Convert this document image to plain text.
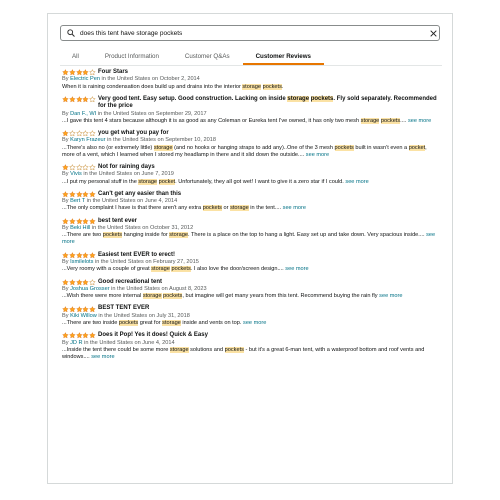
does this tent have storage pockets
All	Product Information	Customer Q&As	Customer Reviews
Four Stars
By Electric Pen in the United States on October 2, 2014
When it is raining condensation does build up and drains into the interior storage pockets.
Very good tent. Easy setup. Good construction. Lacking on inside storage pockets. Fly sold separately. Recommended for the price
By Dan F., WI in the United States on September 29, 2017
...I gave this tent 4 stars because although it is as good as any Coleman or Eureka tent I've owned, it has only two mesh storage pockets.... see more
you get what you pay for
By Karyn Frazeur in the United States on September 10, 2018
...There's also no (or extremely little) storage (and no hooks or hanging straps to add any)..One of the 3 mesh pockets built in wasn't even a pocket, more of a vent, which I learned when I stored my headlamp in there and it slid down the outside.... see more
Not for raining days
By Vivis in the United States on June 7, 2019
...I put my personal stuff in the storage pocket. Unfortunately, they all got wet! I want to give it a zero star if I could. see more
Can't get any easier than this
By Bert T in the United States on June 4, 2014
...The only complaint I have is that there aren't any extra pockets or storage in the tent.... see more
best tent ever
By Beki Hill in the United States on October 31, 2012
...There are two pockets hanging inside for storage. There is a place on the top to hang a light. Easy set up and take down. Very spacious inside.... see more
Easiest tent EVER to erect!
By Ismilelots in the United States on February 27, 2015
...Very roomy with a couple of great storage pockets. I also love the door/screen design.... see more
Good recreational tent
By Joshua Grosser in the United States on August 8, 2023
...Wish there were more internal storage pockets, but imagine will get many years from this tent. Recommend buying the rain fly see more
BEST TENT EVER
By Kiki Willow in the United States on July 31, 2018
...There are two inside pockets great for storage inside and vents on top. see more
Does it Pop! Yes it does! Quick & Easy
By JD R in the United States on June 4, 2014
...Inside the tent there could be some more storage solutions and pockets - but it's a great 6-man tent, with a waterproof bottom and roof vents and windows.... see more
